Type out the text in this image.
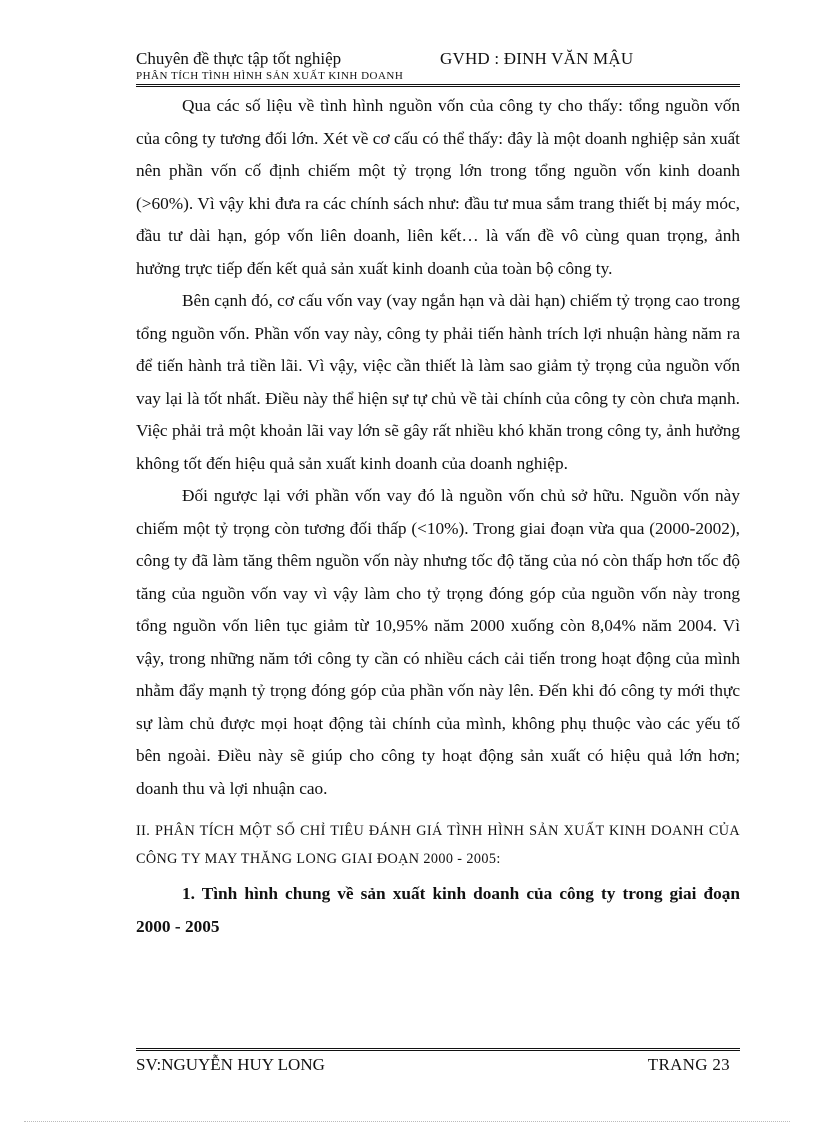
Chuyên đề thực tập tốt nghiệp	GVHD : ĐINH VĂN MẬU
PHÂN TÍCH TÌNH HÌNH SẢN XUẤT KINH DOANH

Qua các số liệu về tình hình nguồn vốn của công ty cho thấy: tổng nguồn vốn của công ty tương đối lớn. Xét về cơ cấu có thể thấy: đây là một doanh nghiệp sản xuất nên phần vốn cố định chiếm một tỷ trọng lớn trong tổng nguồn vốn kinh doanh (>60%). Vì vậy khi đưa ra các chính sách như: đầu tư mua sắm trang thiết bị máy móc, đầu tư dài hạn, góp vốn liên doanh, liên kết… là vấn đề vô cùng quan trọng, ảnh hưởng trực tiếp đến kết quả sản xuất kinh doanh của toàn bộ công ty.

Bên cạnh đó, cơ cấu vốn vay (vay ngắn hạn và dài hạn) chiếm tỷ trọng cao trong tổng nguồn vốn. Phần vốn vay này, công ty phải tiến hành trích lợi nhuận hàng năm ra để tiến hành trả tiền lãi. Vì vậy, việc cần thiết là làm sao giảm tỷ trọng của nguồn vốn vay lại là tốt nhất. Điều này thể hiện sự tự chủ về tài chính của công ty còn chưa mạnh. Việc phải trả một khoản lãi vay lớn sẽ gây rất nhiều khó khăn trong công ty, ảnh hưởng không tốt đến hiệu quả sản xuất kinh doanh của doanh nghiệp.

Đối ngược lại với phần vốn vay đó là nguồn vốn chủ sở hữu. Nguồn vốn này chiếm một tỷ trọng còn tương đối thấp (<10%). Trong giai đoạn vừa qua (2000-2002), công ty đã làm tăng thêm nguồn vốn này nhưng tốc độ tăng của nó còn thấp hơn tốc độ tăng của nguồn vốn vay vì vậy làm cho tỷ trọng đóng góp của nguồn vốn này trong tổng nguồn vốn liên tục giảm từ 10,95% năm 2000 xuống còn 8,04% năm 2004. Vì vậy, trong những năm tới công ty cần có nhiều cách cải tiến trong hoạt động của mình nhằm đẩy mạnh tỷ trọng đóng góp của phần vốn này lên. Đến khi đó công ty mới thực sự làm chủ được mọi hoạt động tài chính của mình, không phụ thuộc vào các yếu tố bên ngoài. Điều này sẽ giúp cho công ty hoạt động sản xuất có hiệu quả lớn hơn; doanh thu và lợi nhuận cao.

II. PHÂN TÍCH MỘT SỐ CHỈ TIÊU ĐÁNH GIÁ TÌNH HÌNH SẢN XUẤT KINH DOANH CỦA CÔNG TY MAY THĂNG LONG GIAI ĐOẠN 2000 - 2005:

1. Tình hình chung về sản xuất kinh doanh của công ty trong giai đoạn 2000 - 2005

SV:NGUYỄN HUY LONG	TRANG 23
